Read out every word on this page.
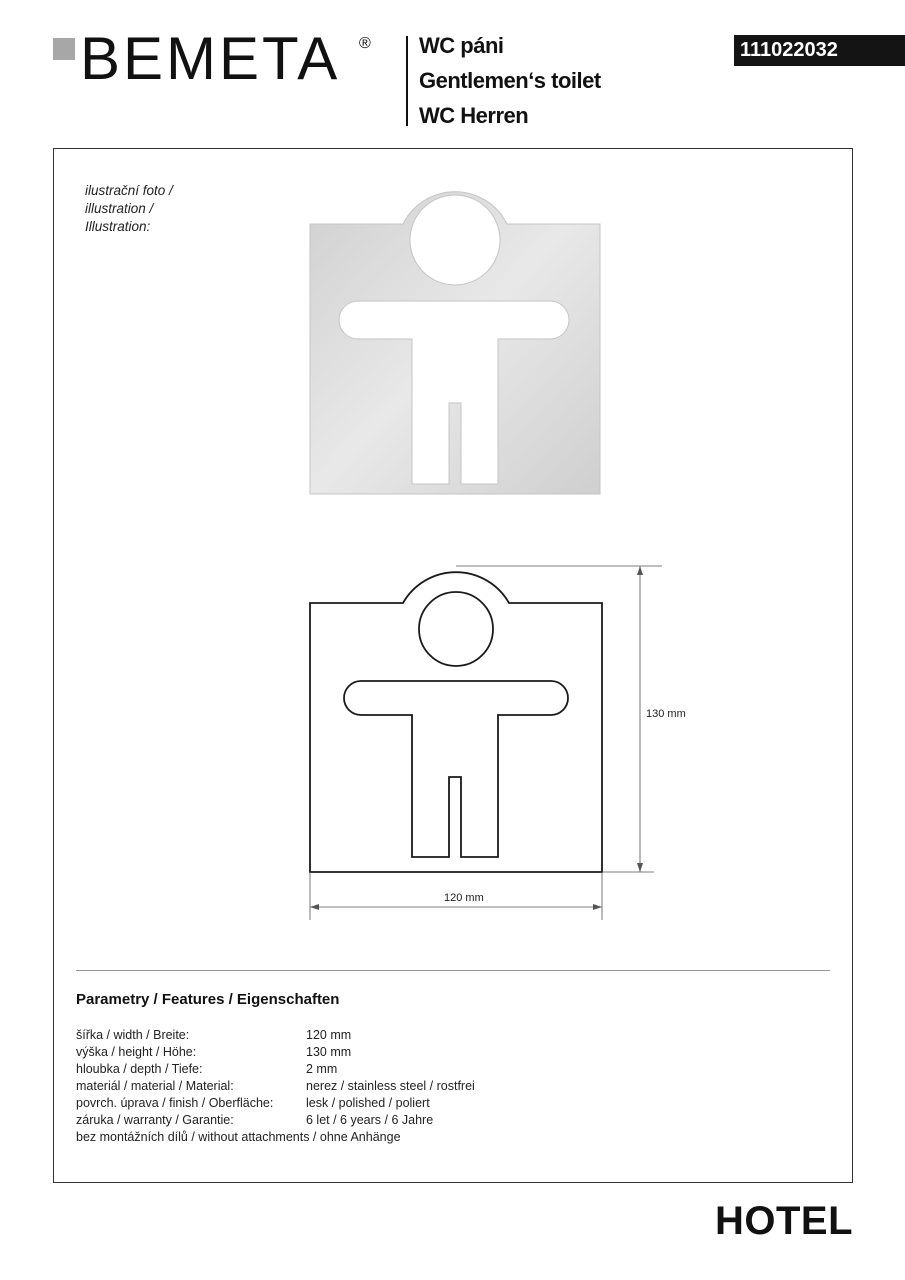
BEMETA ® WC páni
Gentlemen‘s toilet
WC Herren
111022032
ilustrační foto /
illustration /
Illustration:
130 mm
120 mm
Parametry / Features / Eigenschaften
šířka / width / Breite:	120 mm
výška / height / Höhe:	130 mm
hloubka / depth / Tiefe:	2 mm
materiál / material / Material:	nerez / stainless steel / rostfrei
povrch. úprava / finish / Oberfläche:	lesk / polished / poliert
záruka / warranty / Garantie:	6 let / 6 years / 6 Jahre
bez montážních dílů / without attachments / ohne Anhänge
HOTEL
